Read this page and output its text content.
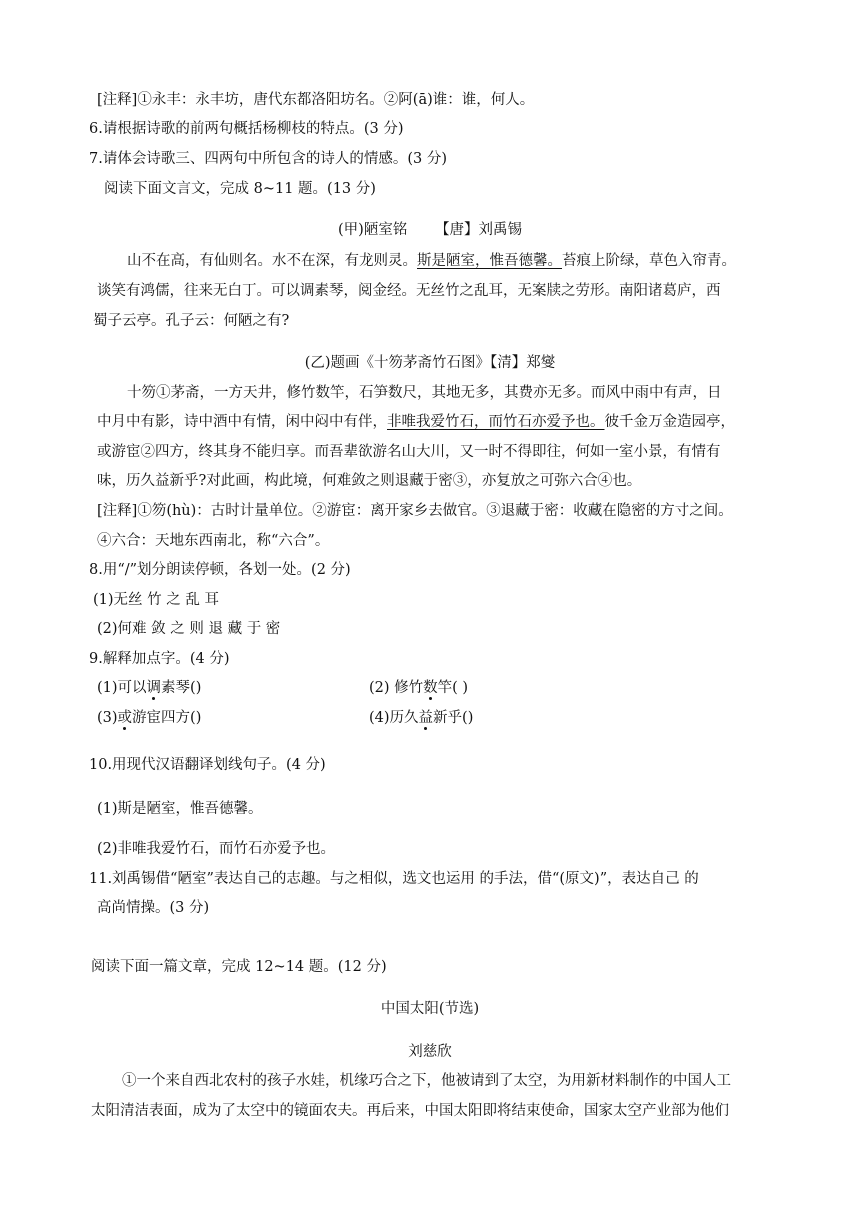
[注释]①永丰：永丰坊，唐代东都洛阳坊名。②阿(ā)谁：谁，何人。
6.请根据诗歌的前两句概括杨柳枝的特点。(3 分)
7.请体会诗歌三、四两句中所包含的诗人的情感。(3 分)
阅读下面文言文，完成 8~11 题。(13 分)
(甲)陋室铭 【唐】刘禹锡
山不在高，有仙则名。水不在深，有龙则灵。斯是陋室，惟吾德馨。苔痕上阶绿，草色入帘青。
谈笑有鸿儒，往来无白丁。可以调素琴，阅金经。无丝竹之乱耳，无案牍之劳形。南阳诸葛庐，西
蜀子云亭。孔子云：何陋之有?
(乙)题画《十笏茅斋竹石图》【清】郑燮
十笏①茅斋，一方天井，修竹数竿，石笋数尺，其地无多，其费亦无多。而风中雨中有声，日
中月中有影，诗中酒中有情，闲中闷中有伴，非唯我爱竹石，而竹石亦爱予也。彼千金万金造园亭，
或游宦②四方，终其身不能归享。而吾辈欲游名山大川，又一时不得即往，何如一室小景，有情有
味，历久益新乎?对此画，构此境，何难敛之则退藏于密③，亦复放之可弥六合④也。
[注释]①笏(hù)：古时计量单位。②游宦：离开家乡去做官。③退藏于密：收藏在隐密的方寸之间。
④六合：天地东西南北，称“六合”。
8.用“/”划分朗读停顿，各划一处。(2 分)
(1)无丝 竹 之 乱 耳
(2)何难 敛 之 则 退 藏 于 密
9.解释加点字。(4 分)
(1)可以调素琴()	(2) 修竹数竿( )
(3)或游宦四方()	(4)历久益新乎()
10.用现代汉语翻译划线句子。(4 分)
(1)斯是陋室，惟吾德馨。
(2)非唯我爱竹石，而竹石亦爱予也。
11.刘禹锡借“陋室”表达自己的志趣。与之相似，选文也运用 的手法，借“(原文)”，表达自己 的
高尚情操。(3 分)
阅读下面一篇文章，完成 12~14 题。(12 分)
中国太阳(节选)
刘慈欣
①一个来自西北农村的孩子水娃，机缘巧合之下，他被请到了太空，为用新材料制作的中国人工
太阳清洁表面，成为了太空中的镜面农夫。再后来，中国太阳即将结束使命，国家太空产业部为他们
